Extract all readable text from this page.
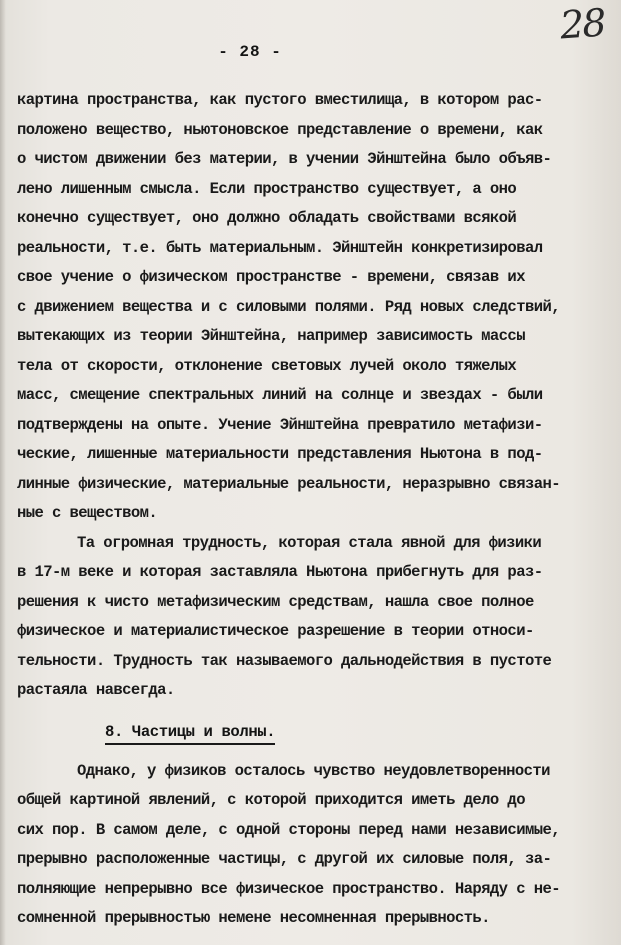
28
- 28 -
картина пространства, как пустого вместилища, в котором рас-
положено вещество, ньютоновское представление о времени, как
о чистом движении без материи, в учении Эйнштейна было объяв-
лено лишенным смысла. Если пространство существует, а оно
конечно существует, оно должно обладать свойствами всякой
реальности, т.е. быть материальным. Эйнштейн конкретизировал
свое учение о физическом пространстве - времени, связав их
с движением вещества и с силовыми полями. Ряд новых следствий,
вытекающих из теории Эйнштейна, например зависимость массы
тела от скорости, отклонение световых лучей около тяжелых
масс, смещение спектральных линий на солнце и звездах - были
подтверждены на опыте. Учение Эйнштейна превратило метафизи-
ческие, лишенные материальности представления Ньютона в под-
линные физические, материальные реальности, неразрывно связан-
ные с веществом.
Та огромная трудность, которая стала явной для физики
в 17-м веке и которая заставляла Ньютона прибегнуть для раз-
решения к чисто метафизическим средствам, нашла свое полное
физическое и материалистическое разрешение в теории относи-
тельности. Трудность так называемого дальнодействия в пустоте
растаяла навсегда.
8. Частицы и волны.
Однако, у физиков осталось чувство неудовлетворенности
общей картиной явлений, с которой приходится иметь дело до
сих пор. В самом деле, с одной стороны перед нами независимые,
прерывно расположенные частицы, с другой их силовые поля, за-
полняющие непрерывно все физическое пространство. Наряду с не-
сомненной прерывностью немене несомненная прерывность.
